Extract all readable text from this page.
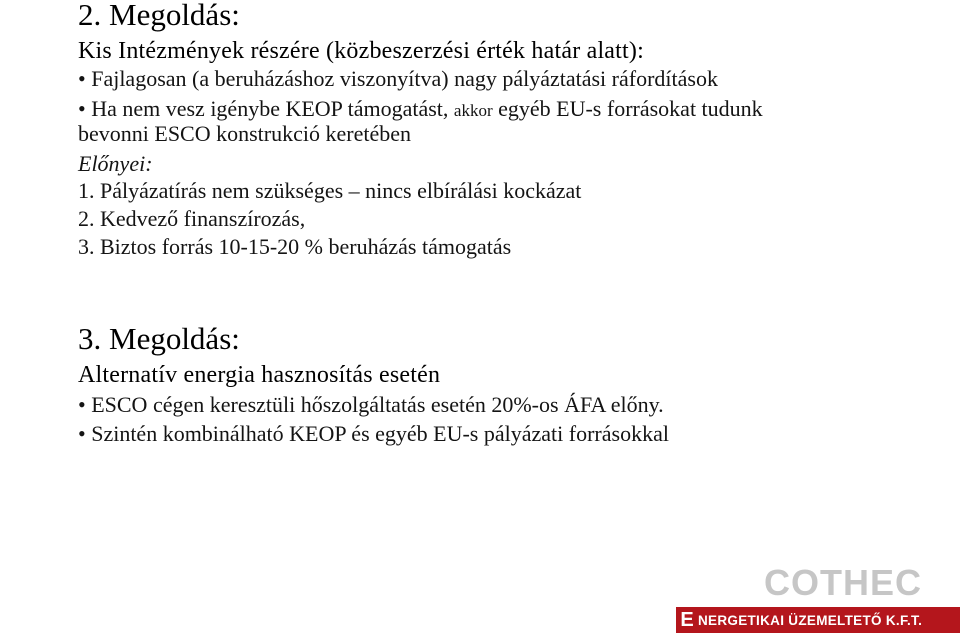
2. Megoldás:
Kis Intézmények részére (közbeszerzési érték határ alatt):
• Fajlagosan (a beruházáshoz viszonyítva) nagy pályáztatási ráfordítások
• Ha nem vesz igénybe KEOP támogatást, akkor egyéb EU-s forrásokat tudunk
bevonni ESCO konstrukció keretében
Előnyei:
1. Pályázatírás nem szükséges – nincs elbírálási kockázat
2. Kedvező finanszírozás,
3. Biztos forrás 10-15-20 % beruházás támogatás
3. Megoldás:
Alternatív energia hasznosítás esetén
• ESCO cégen keresztüli hőszolgáltatás esetén 20%-os ÁFA előny.
• Szintén kombinálható KEOP és egyéb EU-s pályázati forrásokkal
COTHEC
E NERGETIKAI ÜZEMELTETŐ K.F.T.
